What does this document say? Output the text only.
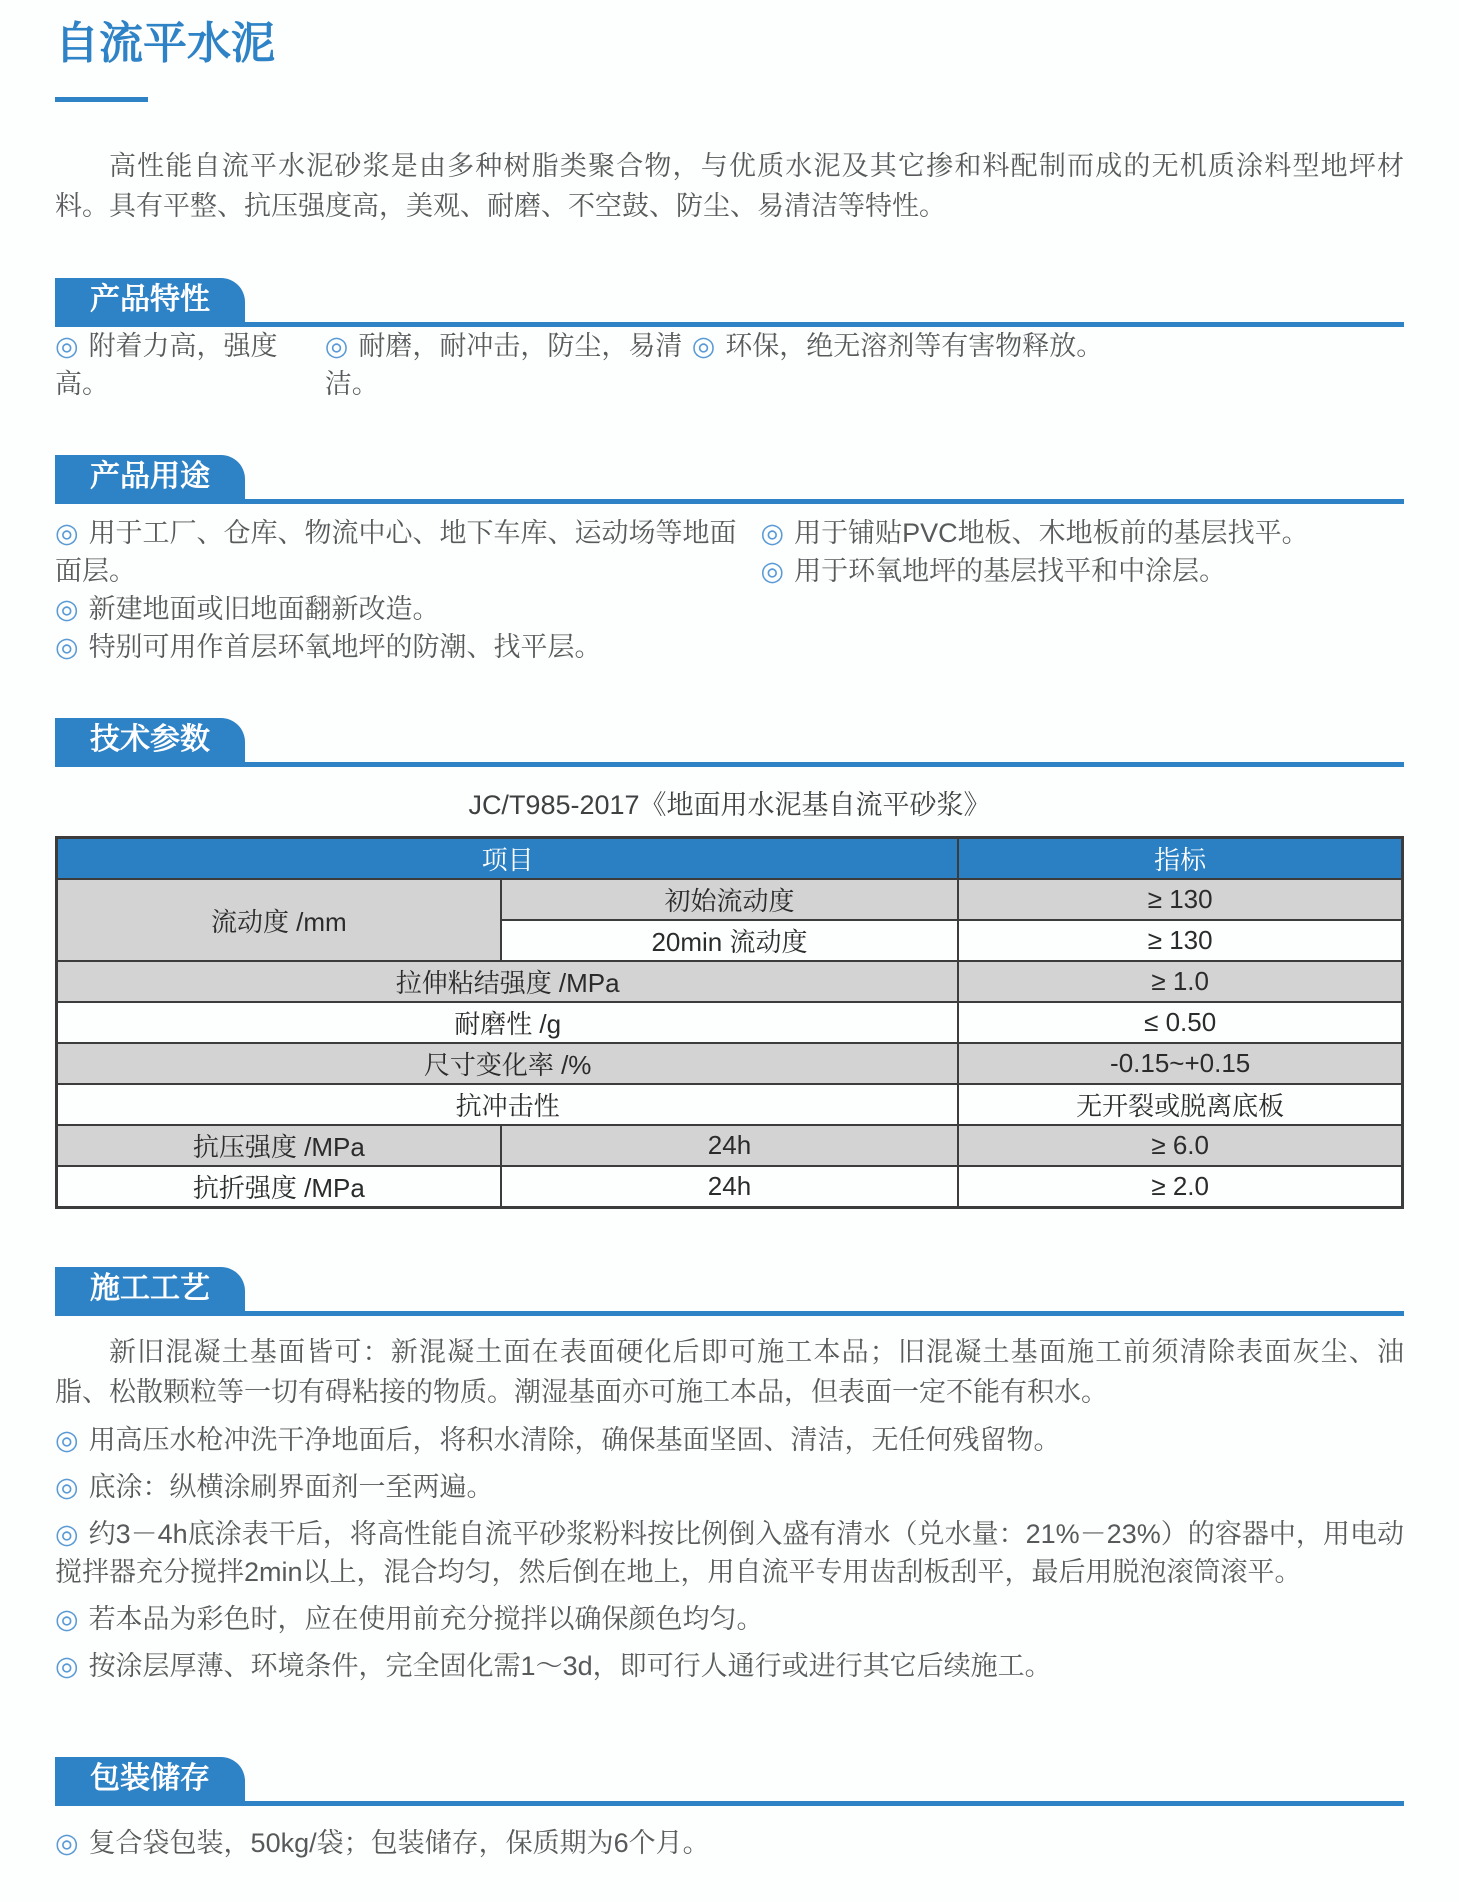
自流平水泥

高性能自流平水泥砂浆是由多种树脂类聚合物，与优质水泥及其它掺和料配制而成的无机质涂料型地坪材料。具有平整、抗压强度高，美观、耐磨、不空鼓、防尘、易清洁等特性。

产品特性
◎ 附着力高，强度高。
◎ 耐磨，耐冲击，防尘，易清洁。
◎ 环保，绝无溶剂等有害物释放。
产品用途
◎ 用于工厂、仓库、物流中心、地下车库、运动场等地面面层。
◎ 新建地面或旧地面翻新改造。
◎ 特别可用作首层环氧地坪的防潮、找平层。
◎ 用于铺贴PVC地板、木地板前的基层找平。
◎ 用于环氧地坪的基层找平和中涂层。
技术参数

JC/T985-2017《地面用水泥基自流平砂浆》

项目		指标
流动度 /mm	初始流动度	≥ 130
	20min 流动度	≥ 130
拉伸粘结强度 /MPa		≥ 1.0
耐磨性 /g		≤ 0.50
尺寸变化率 /%		-0.15~+0.15
抗冲击性		无开裂或脱离底板
抗压强度 /MPa	24h	≥ 6.0
抗折强度 /MPa	24h	≥ 2.0
施工工艺

新旧混凝土基面皆可：新混凝土面在表面硬化后即可施工本品；旧混凝土基面施工前须清除表面灰尘、油脂、松散颗粒等一切有碍粘接的物质。潮湿基面亦可施工本品，但表面一定不能有积水。

◎ 用高压水枪冲洗干净地面后，将积水清除，确保基面坚固、清洁，无任何残留物。

◎ 底涂：纵横涂刷界面剂一至两遍。

◎ 约3－4h底涂表干后，将高性能自流平砂浆粉料按比例倒入盛有清水（兑水量：21%－23%）的容器中，用电动搅拌器充分搅拌2min以上，混合均匀，然后倒在地上，用自流平专用齿刮板刮平，最后用脱泡滚筒滚平。

◎ 若本品为彩色时，应在使用前充分搅拌以确保颜色均匀。

◎ 按涂层厚薄、环境条件，完全固化需1～3d，即可行人通行或进行其它后续施工。

包装储存

◎ 复合袋包装，50kg/袋；包装储存，保质期为6个月。
